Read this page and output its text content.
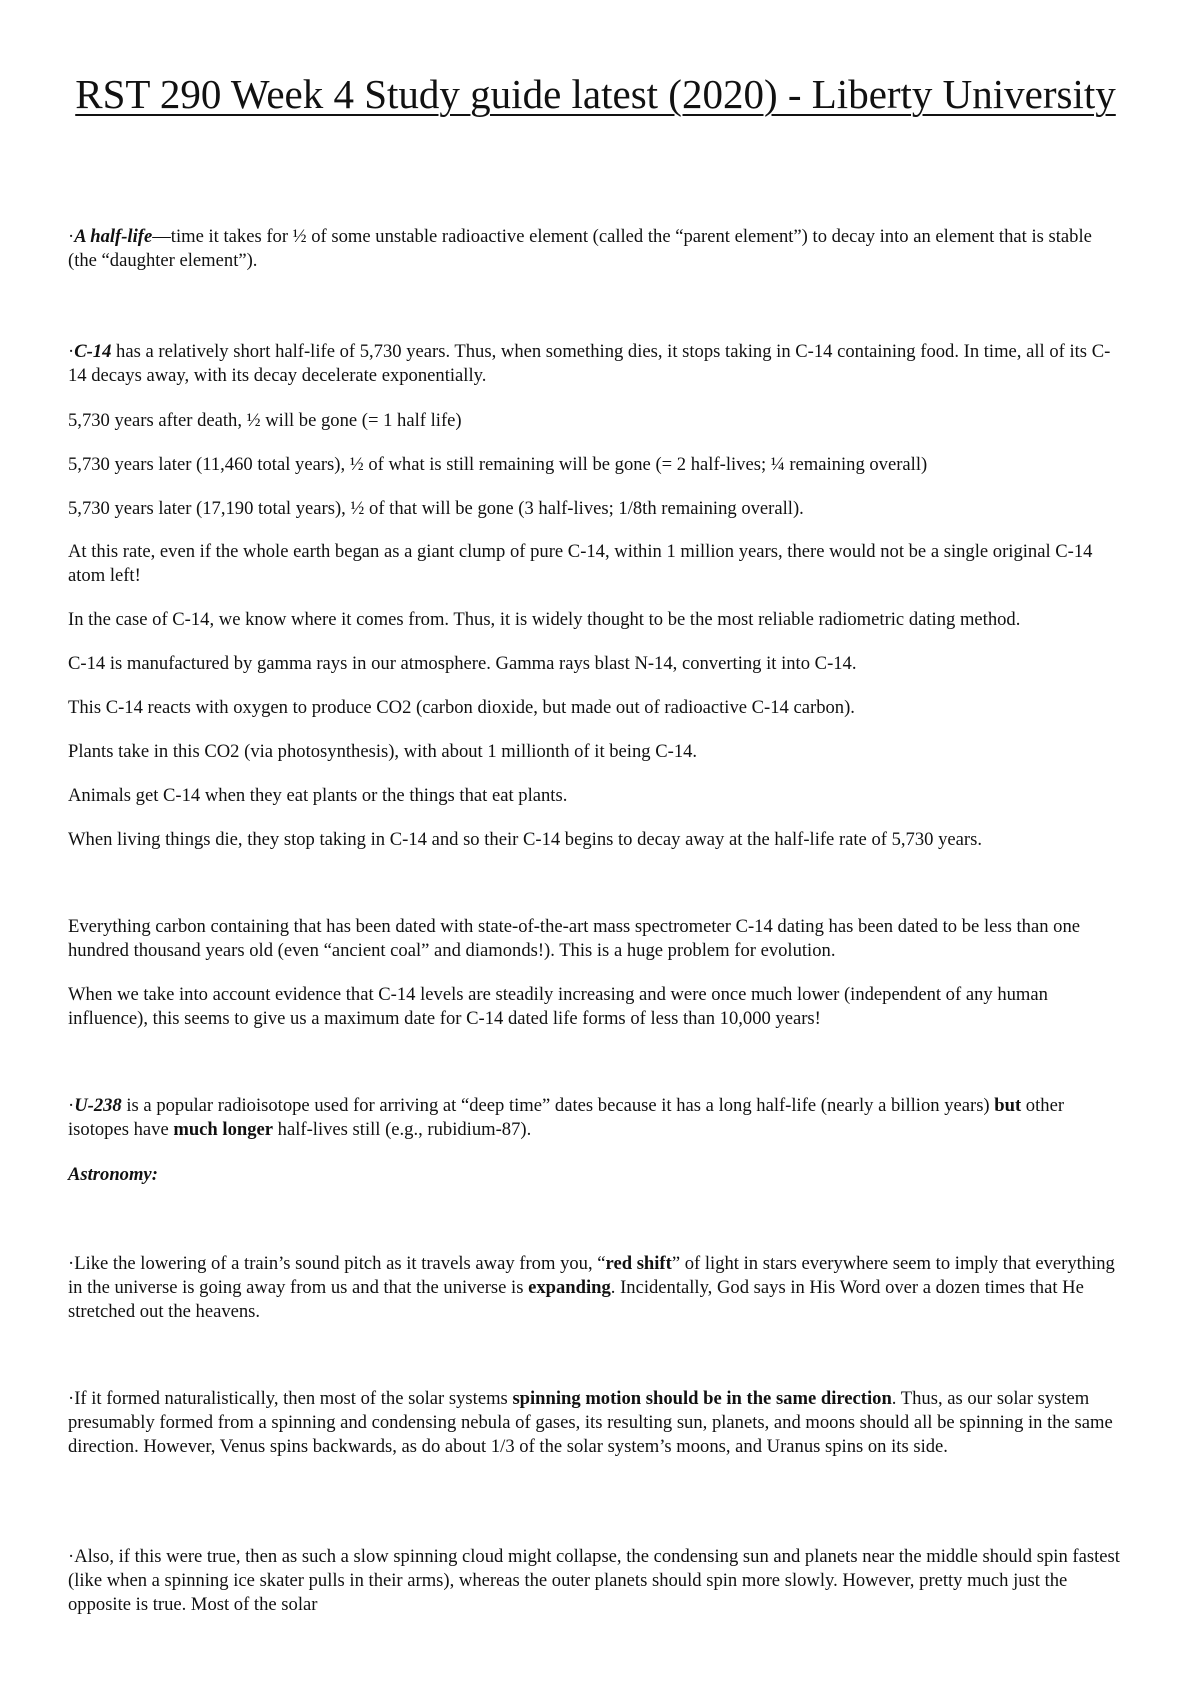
RST 290 Week 4 Study guide latest (2020) - Liberty University

·A half-life—time it takes for ½ of some unstable radioactive element (called the “parent element”) to decay into an element that is stable (the “daughter element”).

·C-14 has a relatively short half-life of 5,730 years. Thus, when something dies, it stops taking in C-14 containing food. In time, all of its C-14 decays away, with its decay decelerate exponentially.

5,730 years after death, ½ will be gone (= 1 half life)

5,730 years later (11,460 total years), ½ of what is still remaining will be gone (= 2 half-lives; ¼ remaining overall)

5,730 years later (17,190 total years), ½ of that will be gone (3 half-lives; 1/8th remaining overall).

At this rate, even if the whole earth began as a giant clump of pure C-14, within 1 million years, there would not be a single original C-14 atom left!

In the case of C-14, we know where it comes from. Thus, it is widely thought to be the most reliable radiometric dating method.

C-14 is manufactured by gamma rays in our atmosphere. Gamma rays blast N-14, converting it into C-14.

This C-14 reacts with oxygen to produce CO2 (carbon dioxide, but made out of radioactive C-14 carbon).

Plants take in this CO2 (via photosynthesis), with about 1 millionth of it being C-14.

Animals get C-14 when they eat plants or the things that eat plants.

When living things die, they stop taking in C-14 and so their C-14 begins to decay away at the half-life rate of 5,730 years.

Everything carbon containing that has been dated with state-of-the-art mass spectrometer C-14 dating has been dated to be less than one hundred thousand years old (even “ancient coal” and diamonds!). This is a huge problem for evolution.

When we take into account evidence that C-14 levels are steadily increasing and were once much lower (independent of any human influence), this seems to give us a maximum date for C-14 dated life forms of less than 10,000 years!

·U-238 is a popular radioisotope used for arriving at “deep time” dates because it has a long half-life (nearly a billion years) but other isotopes have much longer half-lives still (e.g., rubidium-87).

Astronomy:

·Like the lowering of a train’s sound pitch as it travels away from you, “red shift” of light in stars everywhere seem to imply that everything in the universe is going away from us and that the universe is expanding. Incidentally, God says in His Word over a dozen times that He stretched out the heavens.

·If it formed naturalistically, then most of the solar systems spinning motion should be in the same direction. Thus, as our solar system presumably formed from a spinning and condensing nebula of gases, its resulting sun, planets, and moons should all be spinning in the same direction. However, Venus spins backwards, as do about 1/3 of the solar system’s moons, and Uranus spins on its side.

·Also, if this were true, then as such a slow spinning cloud might collapse, the condensing sun and planets near the middle should spin fastest (like when a spinning ice skater pulls in their arms), whereas the outer planets should spin more slowly. However, pretty much just the opposite is true. Most of the solar
